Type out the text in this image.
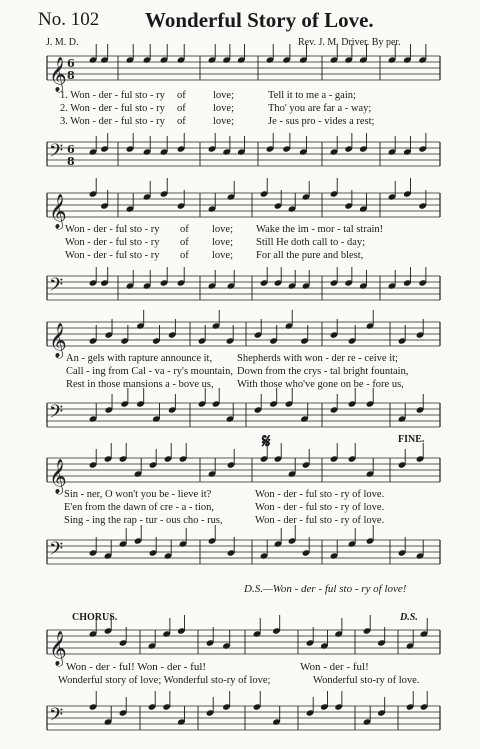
No. 102 Wonderful Story of Love.
J. M. D.	Rev. J. M. Driver. By per.
𝄞 6
8
1. Won - der - ful sto - ry of	love;	Tell it to me a - gain;
2. Won - der - ful sto - ry of	love;	Tho' you are far a - way;
3. Won - der - ful sto - ry of	love;	Je - sus pro - vides a rest;
𝄢 6
8
𝄞
Won - der - ful sto - ry of love; Wake the im - mor - tal strain!
Won - der - ful sto - ry of love; Still He doth call to - day;
Won - der - ful sto - ry of love; For all the pure and blest,
𝄢
𝄞
An - gels with rapture announce it, Shepherds with won - der re - ceive it;
Call - ing from Cal - va - ry's mountain, Down from the crys - tal bright fountain,
Rest in those mansions a - bove us, With those who've gone on be - fore us,
𝄢
𝄋	FINE.
𝄞
Sin - ner, O won't you be - lieve it?	Won - der - ful sto - ry of love.
E'en from the dawn of cre - a - tion,	Won - der - ful sto - ry of love.
Sing - ing the rap - tur - ous cho - rus,	Won - der - ful sto - ry of love.
𝄢
D.S.—Won - der - ful sto - ry of love!
CHORUS.	D.S.
𝄞
Won - der - ful! Won - der - ful!	Won - der - ful!
Wonderful story of love; Wonderful sto-ry of love;	Wonderful sto-ry of love.
𝄢
